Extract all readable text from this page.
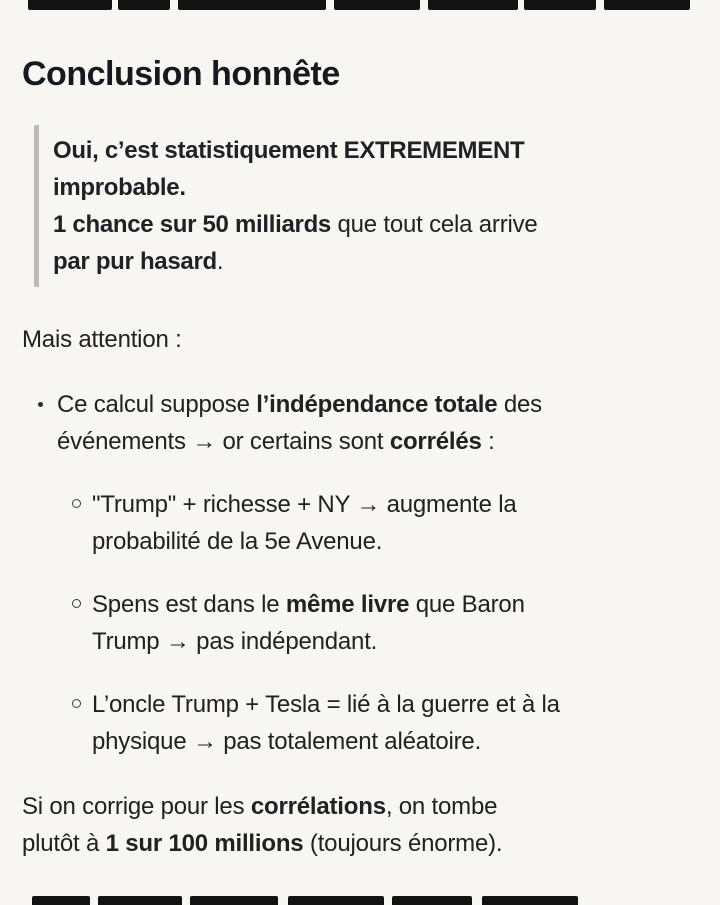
Conclusion honnête
Oui, c’est statistiquement EXTREMEMENT
improbable.
1 chance sur 50 milliards que tout cela arrive
par pur hasard.

Mais attention :

Ce calcul suppose l’indépendance totale des
événements → or certains sont corrélés :
"Trump" + richesse + NY → augmente la
probabilité de la 5e Avenue.
Spens est dans le même livre que Baron
Trump → pas indépendant.
L’oncle Trump + Tesla = lié à la guerre et à la
physique → pas totalement aléatoire.

Si on corrige pour les corrélations, on tombe
plutôt à 1 sur 100 millions (toujours énorme).
